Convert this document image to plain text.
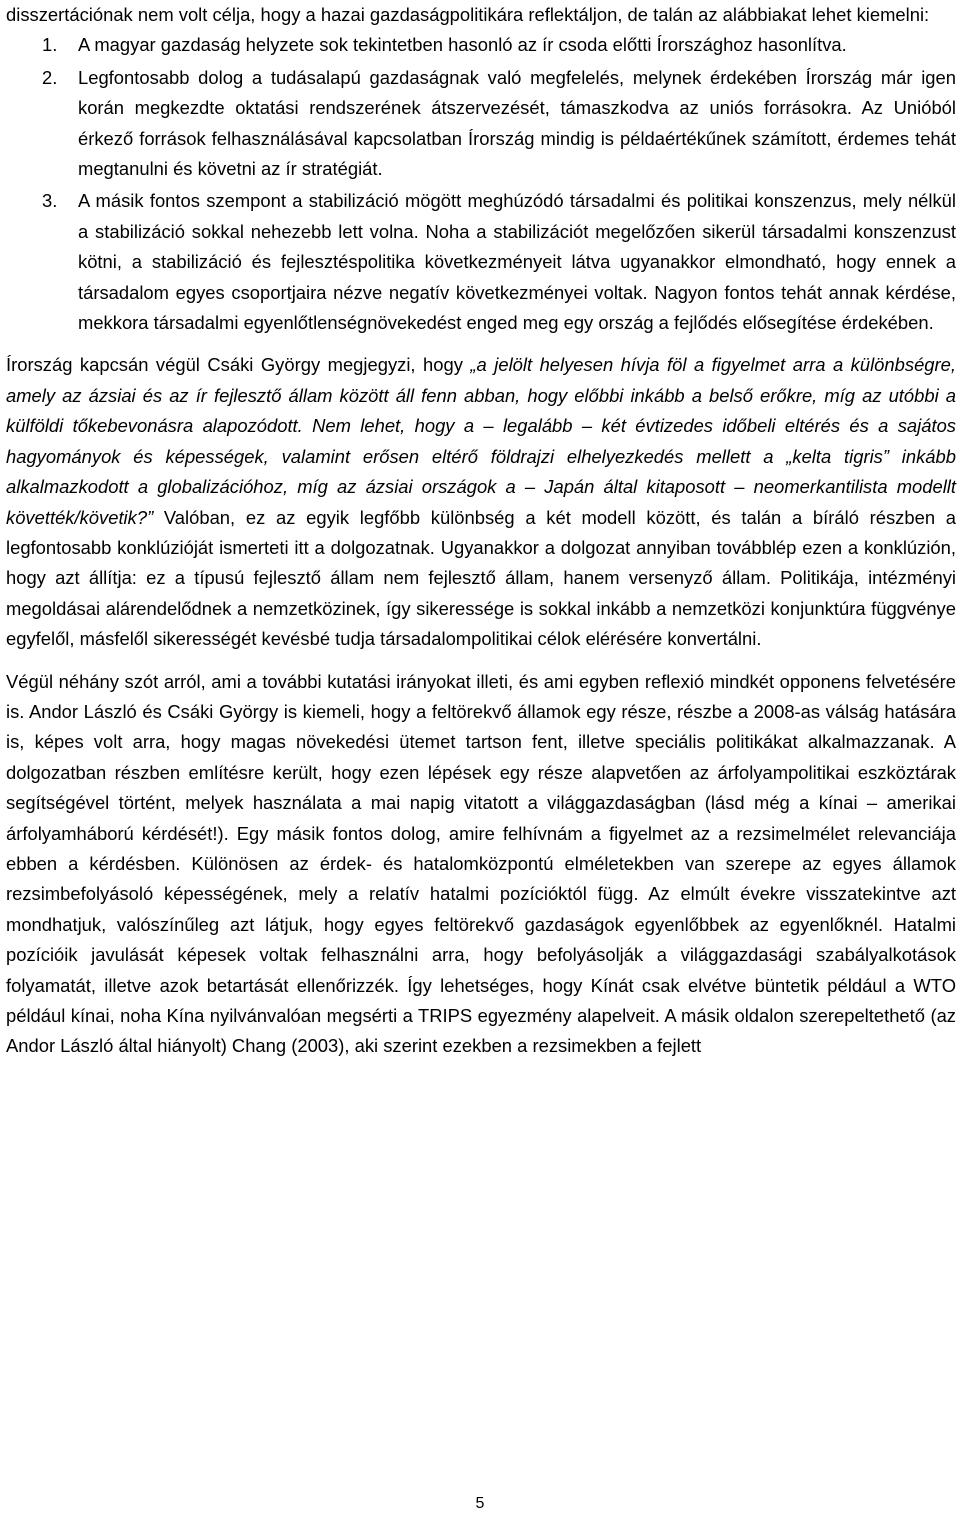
disszertációnak nem volt célja, hogy a hazai gazdaságpolitikára reflektáljon, de talán az alábbiakat lehet kiemelni:

1. A magyar gazdaság helyzete sok tekintetben hasonló az ír csoda előtti Írországhoz hasonlítva.

2. Legfontosabb dolog a tudásalapú gazdaságnak való megfelelés, melynek érdekében Írország már igen korán megkezdte oktatási rendszerének átszervezését, támaszkodva az uniós forrásokra. Az Unióból érkező források felhasználásával kapcsolatban Írország mindig is példaértékűnek számított, érdemes tehát megtanulni és követni az ír stratégiát.

3. A másik fontos szempont a stabilizáció mögött meghúzódó társadalmi és politikai konszenzus, mely nélkül a stabilizáció sokkal nehezebb lett volna. Noha a stabilizációt megelőzően sikerül társadalmi konszenzust kötni, a stabilizáció és fejlesztéspolitika következményeit látva ugyanakkor elmondható, hogy ennek a társadalom egyes csoportjaira nézve negatív következményei voltak. Nagyon fontos tehát annak kérdése, mekkora társadalmi egyenlőtlenségnövekedést enged meg egy ország a fejlődés elősegítése érdekében.

Írország kapcsán végül Csáki György megjegyzi, hogy „a jelölt helyesen hívja föl a figyelmet arra a különbségre, amely az ázsiai és az ír fejlesztő állam között áll fenn abban, hogy előbbi inkább a belső erőkre, míg az utóbbi a külföldi tőkebevonásra alapozódott. Nem lehet, hogy a – legalább – két évtizedes időbeli eltérés és a sajátos hagyományok és képességek, valamint erősen eltérő földrajzi elhelyezkedés mellett a „kelta tigris” inkább alkalmazkodott a globalizációhoz, míg az ázsiai országok a – Japán által kitaposott – neomerkantilista modellt követték/követik?” Valóban, ez az egyik legfőbb különbség a két modell között, és talán a bíráló részben a legfontosabb konklúzióját ismerteti itt a dolgozatnak. Ugyanakkor a dolgozat annyiban továbblép ezen a konklúzión, hogy azt állítja: ez a típusú fejlesztő állam nem fejlesztő állam, hanem versenyző állam. Politikája, intézményi megoldásai alárendelődnek a nemzetközinek, így sikeressége is sokkal inkább a nemzetközi konjunktúra függvénye egyfelől, másfelől sikerességét kevésbé tudja társadalompolitikai célok elérésére konvertálni.

Végül néhány szót arról, ami a további kutatási irányokat illeti, és ami egyben reflexió mindkét opponens felvetésére is. Andor László és Csáki György is kiemeli, hogy a feltörekvő államok egy része, részbe a 2008-as válság hatására is, képes volt arra, hogy magas növekedési ütemet tartson fent, illetve speciális politikákat alkalmazzanak. A dolgozatban részben említésre került, hogy ezen lépések egy része alapvetően az árfolyampolitikai eszköztárak segítségével történt, melyek használata a mai napig vitatott a világgazdaságban (lásd még a kínai – amerikai árfolyamháború kérdését!). Egy másik fontos dolog, amire felhívnám a figyelmet az a rezsimelmélet relevanciája ebben a kérdésben. Különösen az érdek- és hatalomközpontú elméletekben van szerepe az egyes államok rezsimbefolyásoló képességének, mely a relatív hatalmi pozícióktól függ. Az elmúlt évekre visszatekintve azt mondhatjuk, valószínűleg azt látjuk, hogy egyes feltörekvő gazdaságok egyenlőbbek az egyenlőknél. Hatalmi pozícióik javulását képesek voltak felhasználni arra, hogy befolyásolják a világgazdasági szabályalkotások folyamatát, illetve azok betartását ellenőrizzék. Így lehetséges, hogy Kínát csak elvétve büntetik például a WTO például kínai, noha Kína nyilvánvalóan megsérti a TRIPS egyezmény alapelveit. A másik oldalon szerepeltethető (az Andor László által hiányolt) Chang (2003), aki szerint ezekben a rezsimekben a fejlett

5
